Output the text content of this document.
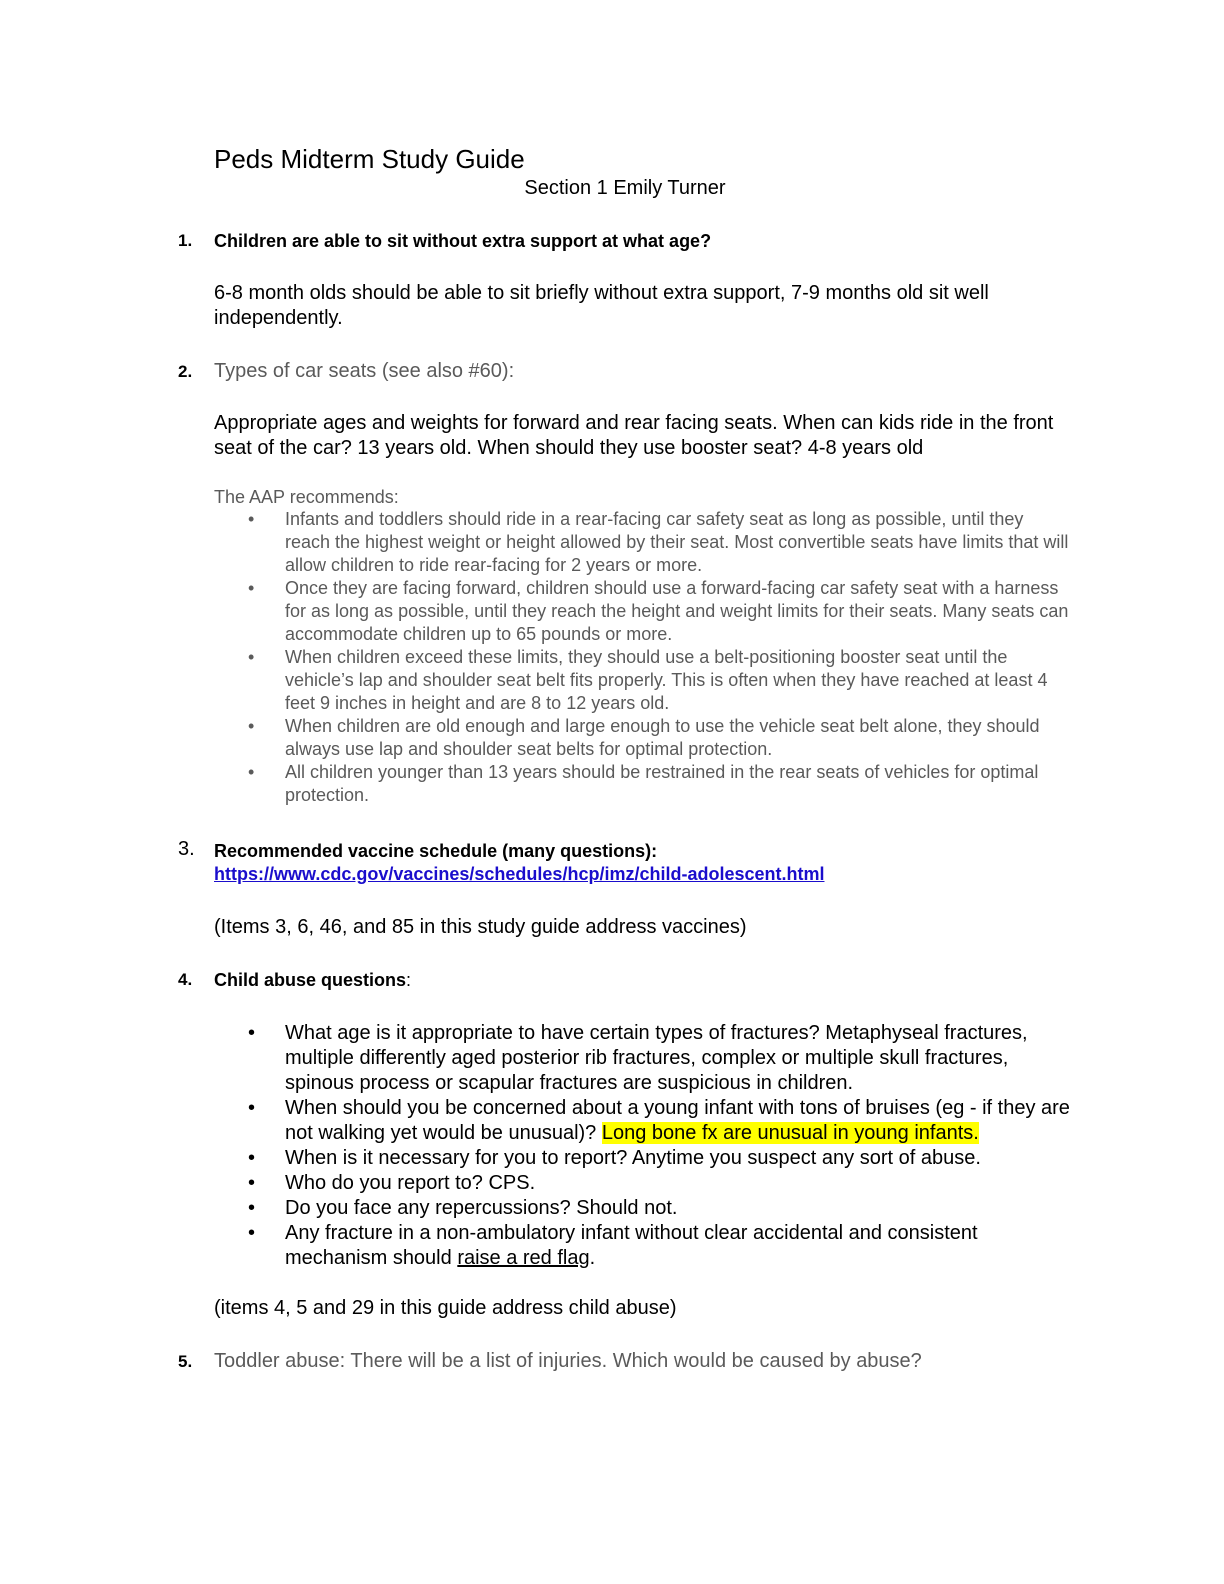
Peds Midterm Study Guide
Section 1 Emily Turner
1. Children are able to sit without extra support at what age?
6-8 month olds should be able to sit briefly without extra support, 7-9 months old sit well independently.
2. Types of car seats (see also #60):
Appropriate ages and weights for forward and rear facing seats. When can kids ride in the front seat of the car? 13 years old. When should they use booster seat? 4-8 years old
The AAP recommends:
• Infants and toddlers should ride in a rear-facing car safety seat as long as possible, until they reach the highest weight or height allowed by their seat. Most convertible seats have limits that will allow children to ride rear-facing for 2 years or more.
• Once they are facing forward, children should use a forward-facing car safety seat with a harness for as long as possible, until they reach the height and weight limits for their seats. Many seats can accommodate children up to 65 pounds or more.
• When children exceed these limits, they should use a belt-positioning booster seat until the vehicle’s lap and shoulder seat belt fits properly. This is often when they have reached at least 4 feet 9 inches in height and are 8 to 12 years old.
• When children are old enough and large enough to use the vehicle seat belt alone, they should always use lap and shoulder seat belts for optimal protection.
• All children younger than 13 years should be restrained in the rear seats of vehicles for optimal protection.
3. Recommended vaccine schedule (many questions):
https://www.cdc.gov/vaccines/schedules/hcp/imz/child-adolescent.html
(Items 3, 6, 46, and 85 in this study guide address vaccines)
4. Child abuse questions:
• What age is it appropriate to have certain types of fractures? Metaphyseal fractures, multiple differently aged posterior rib fractures, complex or multiple skull fractures, spinous process or scapular fractures are suspicious in children.
• When should you be concerned about a young infant with tons of bruises (eg - if they are not walking yet would be unusual)? Long bone fx are unusual in young infants.
• When is it necessary for you to report? Anytime you suspect any sort of abuse.
• Who do you report to? CPS.
• Do you face any repercussions? Should not.
• Any fracture in a non-ambulatory infant without clear accidental and consistent mechanism should raise a red flag.
(items 4, 5 and 29 in this guide address child abuse)
5. Toddler abuse: There will be a list of injuries. Which would be caused by abuse?
